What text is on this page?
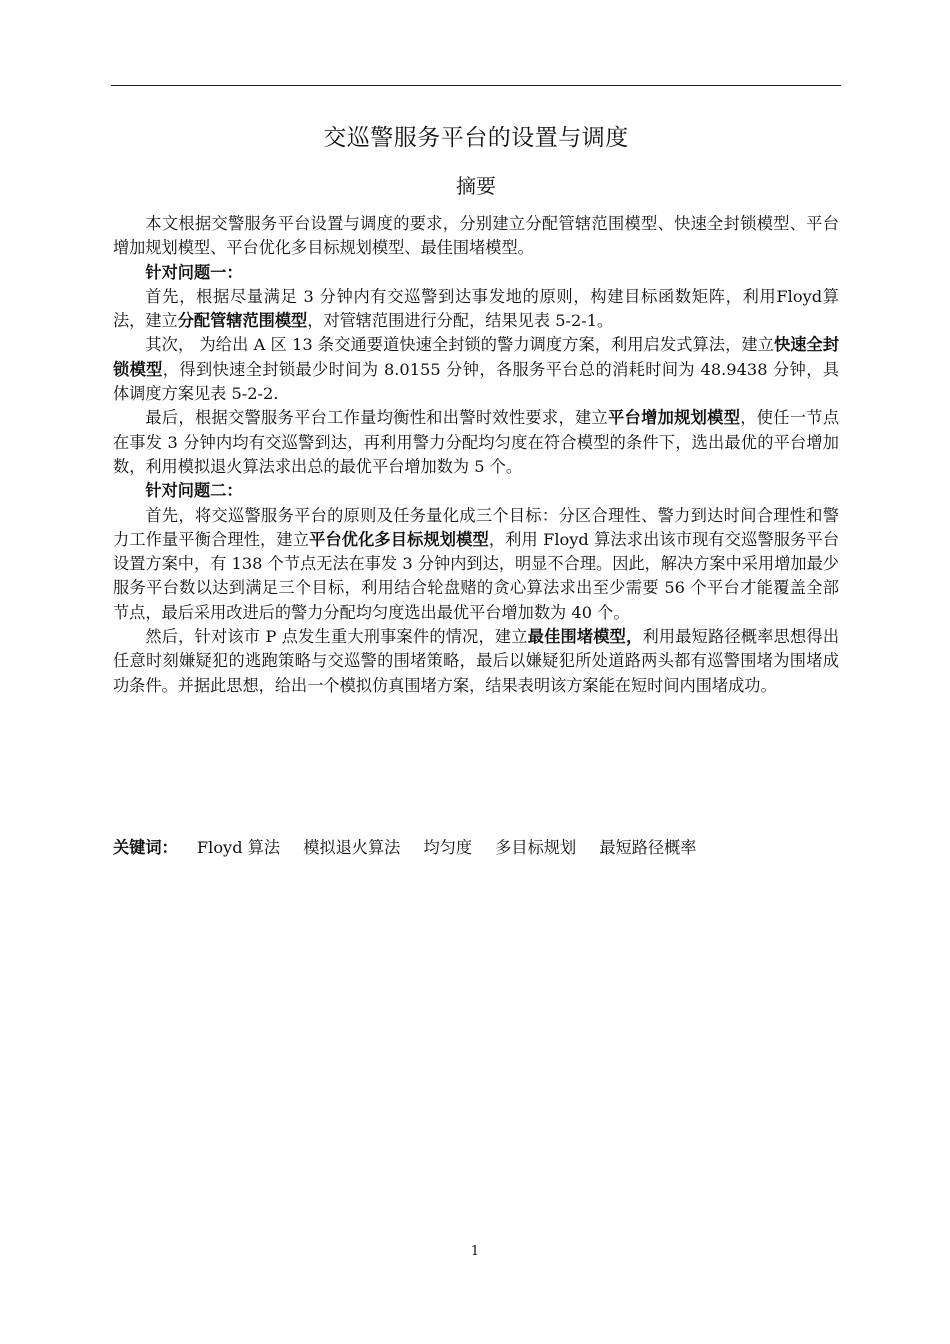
交巡警服务平台的设置与调度
摘要

本文根据交警服务平台设置与调度的要求，分别建立分配管辖范围模型、快速全封锁模型、平台增加规划模型、平台优化多目标规划模型、最佳围堵模型。

针对问题一：

首先，根据尽量满足 3 分钟内有交巡警到达事发地的原则，构建目标函数矩阵，利用Floyd算法，建立分配管辖范围模型，对管辖范围进行分配，结果见表 5-2-1。

其次， 为给出 A 区 13 条交通要道快速全封锁的警力调度方案，利用启发式算法，建立快速全封锁模型，得到快速全封锁最少时间为 8.0155 分钟，各服务平台总的消耗时间为 48.9438 分钟，具体调度方案见表 5-2-2.

最后，根据交警服务平台工作量均衡性和出警时效性要求，建立平台增加规划模型，使任一节点在事发 3 分钟内均有交巡警到达，再利用警力分配均匀度在符合模型的条件下，选出最优的平台增加数，利用模拟退火算法求出总的最优平台增加数为 5 个。

针对问题二：

首先，将交巡警服务平台的原则及任务量化成三个目标：分区合理性、警力到达时间合理性和警力工作量平衡合理性，建立平台优化多目标规划模型，利用 Floyd 算法求出该市现有交巡警服务平台设置方案中，有 138 个节点无法在事发 3 分钟内到达，明显不合理。因此，解决方案中采用增加最少服务平台数以达到满足三个目标，利用结合轮盘赌的贪心算法求出至少需要 56 个平台才能覆盖全部节点，最后采用改进后的警力分配均匀度选出最优平台增加数为 40 个。

然后，针对该市 P 点发生重大刑事案件的情况，建立最佳围堵模型，利用最短路径概率思想得出任意时刻嫌疑犯的逃跑策略与交巡警的围堵策略，最后以嫌疑犯所处道路两头都有巡警围堵为围堵成功条件。并据此思想，给出一个模拟仿真围堵方案，结果表明该方案能在短时间内围堵成功。

关键词： Floyd 算法 模拟退火算法 均匀度 多目标规划 最短路径概率
1
